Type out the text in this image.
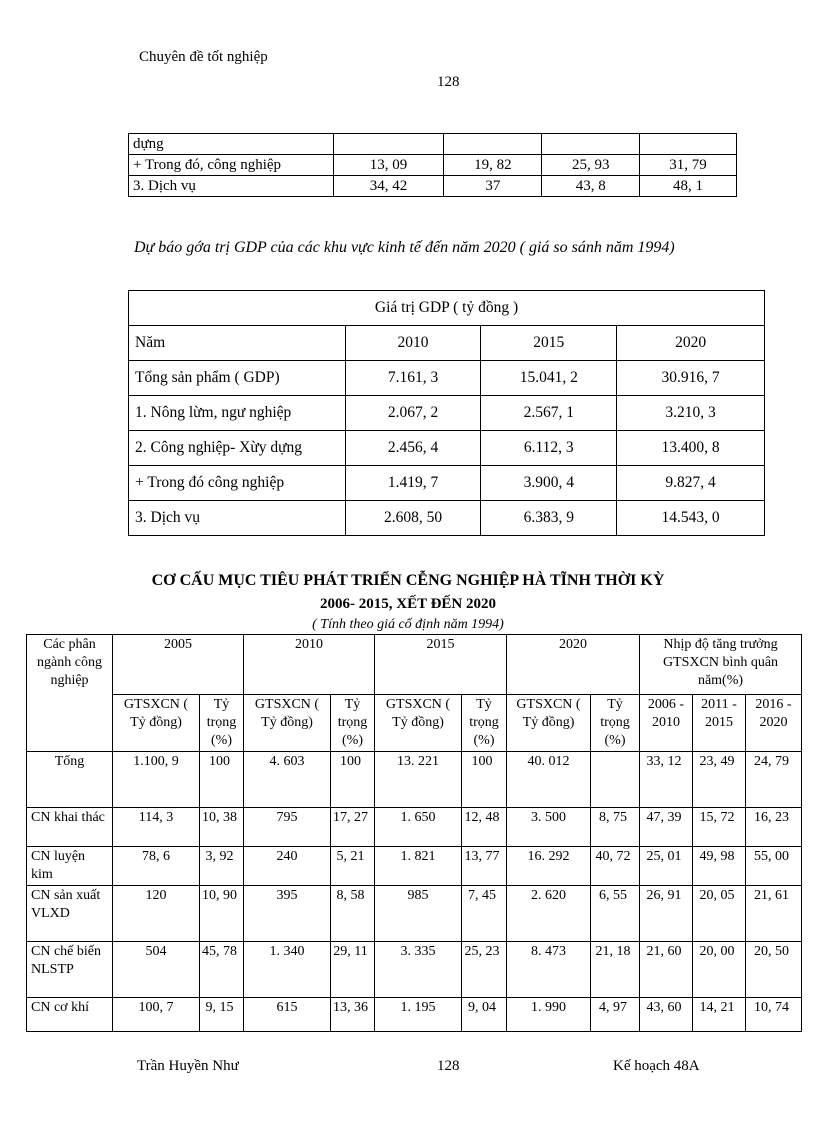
Chuyên đề tốt nghiệp
128
dựng				
+ Trong đó, công nghiệp	13, 09	19, 82	25, 93	31, 79
3. Dịch vụ	34, 42	37	43, 8	48, 1
Dự báo gớa trị GDP của các khu vực kinh tế đến năm 2020 ( giá so sánh năm 1994)
Giá trị GDP ( tỷ đồng )			
Năm	2010	2015	2020
Tổng sản phẩm ( GDP)	7.161, 3	15.041, 2	30.916, 7
1. Nông lừm, ngư nghiệp	2.067, 2	2.567, 1	3.210, 3
2. Công nghiệp- Xừy dựng	2.456, 4	6.112, 3	13.400, 8
+ Trong đó công nghiệp	1.419, 7	3.900, 4	9.827, 4
3. Dịch vụ	2.608, 50	6.383, 9	14.543, 0
CƠ CẤU MỤC TIÊU PHÁT TRIỂN CỄNG NGHIỆP HÀ TĨNH THỜI KỲ
2006- 2015, XẾT ĐẾN 2020
( Tính theo giá cố định năm 1994)
Các phân ngành công nghiệp	2005		2010		2015		2020		Nhịp độ tăng trưởng GTSXCN bình quân năm(%)		
	GTSXCN ( Tỷ đồng)	Tỷ trọng (%)	GTSXCN ( Tỷ đồng)	Tỷ trọng (%)	GTSXCN ( Tỷ đồng)	Tỷ trọng (%)	GTSXCN ( Tỷ đồng)	Tỷ trọng (%)	2006 - 2010	2011 - 2015	2016 - 2020
Tổng	1.100, 9	100	4. 603	100	13. 221	100	40. 012		33, 12	23, 49	24, 79
CN khai thác	114, 3	10, 38	795	17, 27	1. 650	12, 48	3. 500	8, 75	47, 39	15, 72	16, 23
CN luyện kim	78, 6	3, 92	240	5, 21	1. 821	13, 77	16. 292	40, 72	25, 01	49, 98	55, 00
CN sản xuất VLXD	120	10, 90	395	8, 58	985	7, 45	2. 620	6, 55	26, 91	20, 05	21, 61
CN chế biến NLSTP	504	45, 78	1. 340	29, 11	3. 335	25, 23	8. 473	21, 18	21, 60	20, 00	20, 50
CN cơ khí	100, 7	9, 15	615	13, 36	1. 195	9, 04	1. 990	4, 97	43, 60	14, 21	10, 74
Trần Huyền Như	128	Kế hoạch 48A
